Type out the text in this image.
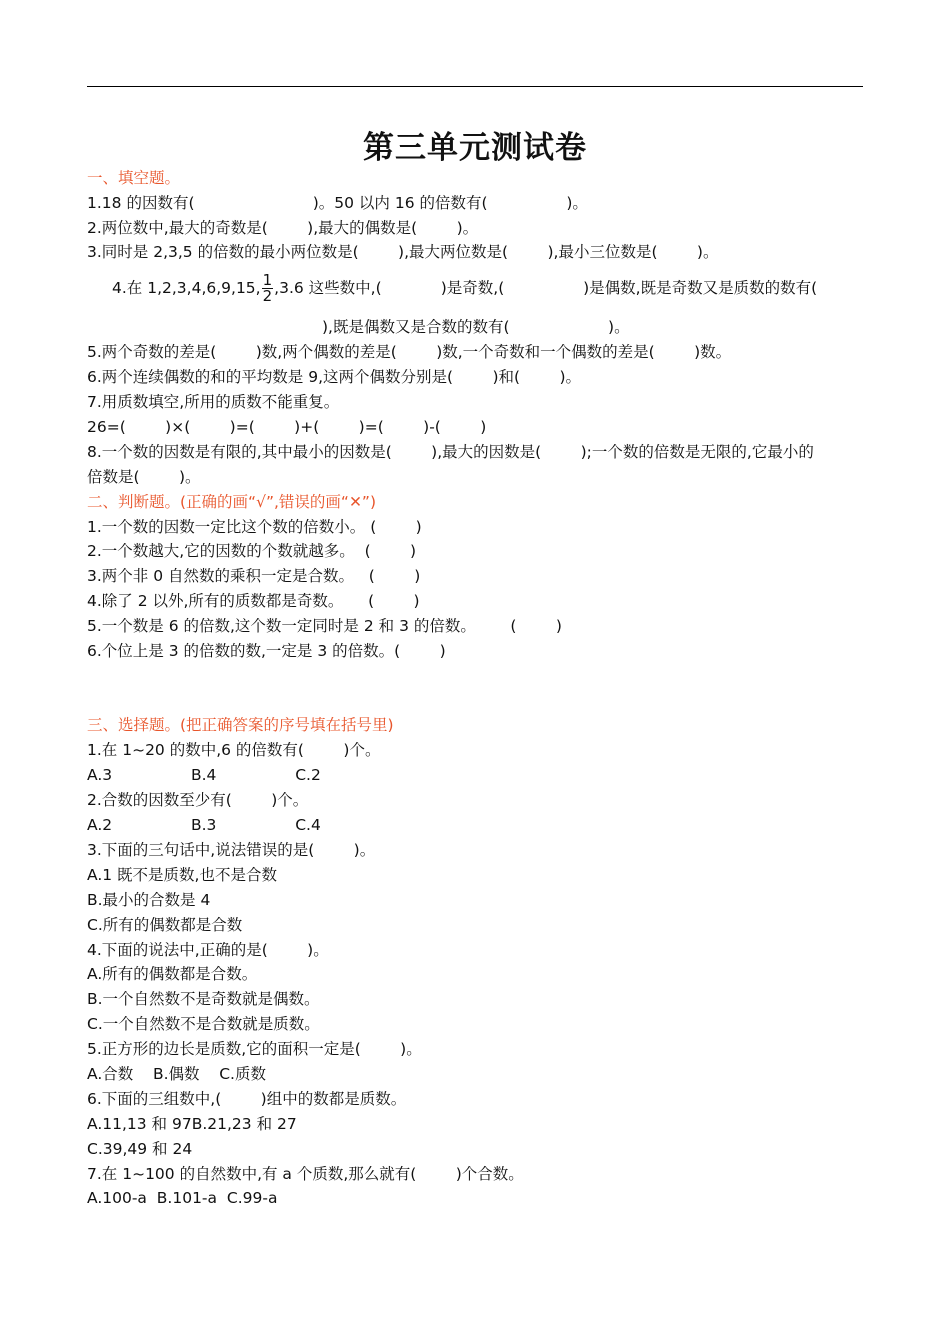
第三单元测试卷
一、填空题。
1.18 的因数有(                        )。50 以内 16 的倍数有(                )。
2.两位数中,最大的奇数是(        ),最大的偶数是(        )。
3.同时是 2,3,5 的倍数的最小两位数是(        ),最大两位数是(        ),最小三位数是(        )。
4.在 1,2,3,4,6,9,15, $\frac{1}{2} ,3.6$ 这些数中,(            )是奇数,(                )是偶数,既是奇数又是质数的数有(
),既是偶数又是合数的数有(                    )。
5.两个奇数的差是(        )数,两个偶数的差是(        )数,一个奇数和一个偶数的差是(        )数。
6.两个连续偶数的和的平均数是 9,这两个偶数分别是(        )和(        )。
7.用质数填空,所用的质数不能重复。
26=(        )×(        )=(        )+(        )=(        )-(        )
8.一个数的因数是有限的,其中最小的因数是(        ),最大的因数是(        );一个数的倍数是无限的,它最小的
倍数是(        )。
二、判断题。(正确的画“√”,错误的画“✕”)
1.一个数的因数一定比这个数的倍数小。 (        )
2.一个数越大,它的因数的个数就越多。  (        )
3.两个非 0 自然数的乘积一定是合数。   (        )
4.除了 2 以外,所有的质数都是奇数。     (        )
5.一个数是 6 的倍数,这个数一定同时是 2 和 3 的倍数。       (        )
6.个位上是 3 的倍数的数,一定是 3 的倍数。(        )
三、选择题。(把正确答案的序号填在括号里)
1.在 1~20 的数中,6 的倍数有(        )个。
A.3                B.4                C.2
2.合数的因数至少有(        )个。
A.2                B.3                C.4
3.下面的三句话中,说法错误的是(        )。
A.1 既不是质数,也不是合数
B.最小的合数是 4
C.所有的偶数都是合数
4.下面的说法中,正确的是(        )。
A.所有的偶数都是合数。
B.一个自然数不是奇数就是偶数。
C.一个自然数不是合数就是质数。
5.正方形的边长是质数,它的面积一定是(        )。
A.合数    B.偶数    C.质数
6.下面的三组数中,(        )组中的数都是质数。
A.11,13 和 97B.21,23 和 27
C.39,49 和 24
7.在 1~100 的自然数中,有 a 个质数,那么就有(        )个合数。
A.100-a  B.101-a  C.99-a
